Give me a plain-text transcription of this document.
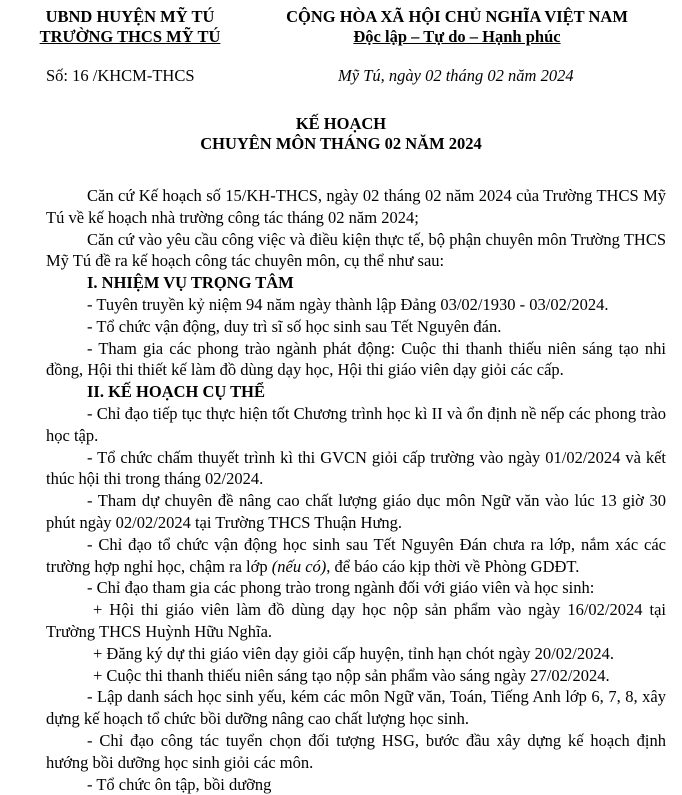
UBND HUYỆN MỸ TÚ
TRƯỜNG THCS MỸ TÚ
CỘNG HÒA XÃ HỘI CHỦ NGHĨA VIỆT NAM
Độc lập – Tự do – Hạnh phúc
Số: 16 /KHCM-THCS	Mỹ Tú, ngày 02 tháng 02 năm 2024
KẾ HOẠCH
CHUYÊN MÔN THÁNG 02 NĂM 2024

Căn cứ Kế hoạch số 15/KH-THCS, ngày 02 tháng 02 năm 2024 của Trường THCS Mỹ Tú về kế hoạch nhà trường công tác tháng 02 năm 2024;

Căn cứ vào yêu cầu công việc và điều kiện thực tế, bộ phận chuyên môn Trường THCS Mỹ Tú đề ra kế hoạch công tác chuyên môn, cụ thể như sau:

I. NHIỆM VỤ TRỌNG TÂM

- Tuyên truyền kỷ niệm 94 năm ngày thành lập Đảng 03/02/1930 - 03/02/2024.

- Tổ chức vận động, duy trì sĩ số học sinh sau Tết Nguyên đán.

- Tham gia các phong trào ngành phát động: Cuộc thi thanh thiếu niên sáng tạo nhi đồng, Hội thi thiết kế làm đồ dùng dạy học, Hội thi giáo viên dạy giỏi các cấp.

II. KẾ HOẠCH CỤ THỂ

- Chỉ đạo tiếp tục thực hiện tốt Chương trình học kì II và ổn định nề nếp các phong trào học tập.

- Tổ chức chấm thuyết trình kì thi GVCN giỏi cấp trường vào ngày 01/02/2024 và kết thúc hội thi trong tháng 02/2024.

- Tham dự chuyên đề nâng cao chất lượng giáo dục môn Ngữ văn vào lúc 13 giờ 30 phút ngày 02/02/2024 tại Trường THCS Thuận Hưng.

- Chỉ đạo tổ chức vận động học sinh sau Tết Nguyên Đán chưa ra lớp, nắm xác các trường hợp nghỉ học, chậm ra lớp (nếu có), để báo cáo kịp thời về Phòng GDĐT.

- Chỉ đạo tham gia các phong trào trong ngành đối với giáo viên và học sinh:

+ Hội thi giáo viên làm đồ dùng dạy học nộp sản phẩm vào ngày 16/02/2024 tại Trường THCS Huỳnh Hữu Nghĩa.

+ Đăng ký dự thi giáo viên dạy giỏi cấp huyện, tỉnh hạn chót ngày 20/02/2024.

+ Cuộc thi thanh thiếu niên sáng tạo nộp sản phẩm vào sáng ngày 27/02/2024.

- Lập danh sách học sinh yếu, kém các môn Ngữ văn, Toán, Tiếng Anh lớp 6, 7, 8, xây dựng kế hoạch tổ chức bồi dưỡng nâng cao chất lượng học sinh.

- Chỉ đạo công tác tuyển chọn đối tượng HSG, bước đầu xây dựng kế hoạch định hướng bồi dưỡng học sinh giỏi các môn.

- Tổ chức ôn tập, bồi dưỡng
